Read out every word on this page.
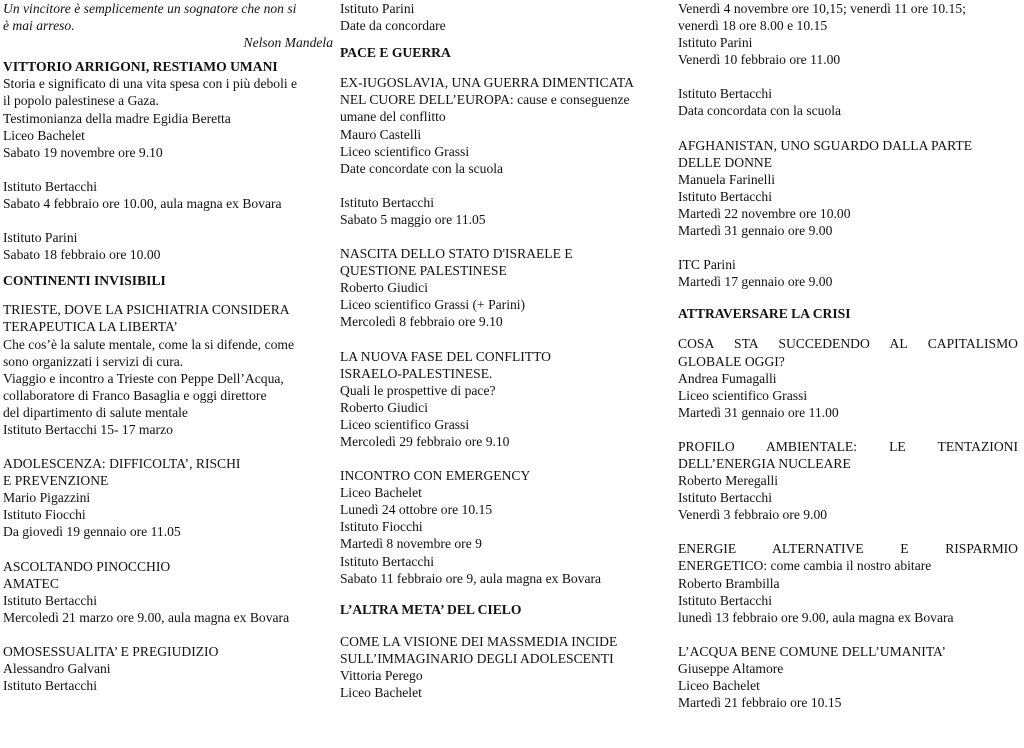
Un vincitore è semplicemente un sognatore che non si
è mai arreso.
Nelson Mandela
VITTORIO ARRIGONI, RESTIAMO UMANI
Storia e significato di una vita spesa con i più deboli e
il popolo palestinese a Gaza.
Testimonianza della madre Egidia Beretta
Liceo Bachelet
Sabato 19 novembre ore 9.10
Istituto Bertacchi
Sabato 4 febbraio ore 10.00, aula magna ex Bovara
Istituto Parini
Sabato 18 febbraio ore 10.00
CONTINENTI INVISIBILI
TRIESTE, DOVE LA PSICHIATRIA CONSIDERA
TERAPEUTICA LA LIBERTA’
Che cos’è la salute mentale, come la si difende, come
sono organizzati i servizi di cura.
Viaggio e incontro a Trieste con Peppe Dell’Acqua,
collaboratore di Franco Basaglia e oggi direttore
del dipartimento di salute mentale
Istituto Bertacchi 15- 17 marzo
ADOLESCENZA: DIFFICOLTA’, RISCHI
E PREVENZIONE
Mario Pigazzini
Istituto Fiocchi
Da giovedì 19 gennaio ore 11.05
ASCOLTANDO PINOCCHIO
AMATEC
Istituto Bertacchi
Mercoledì 21 marzo ore 9.00, aula magna ex Bovara
OMOSESSUALITA’ E PREGIUDIZIO
Alessandro Galvani
Istituto Bertacchi
Istituto Parini
Date da concordare
PACE E GUERRA
EX-IUGOSLAVIA, UNA GUERRA DIMENTICATA
NEL CUORE DELL’EUROPA: cause e conseguenze
umane del conflitto
Mauro Castelli
Liceo scientifico Grassi
Date concordate con la scuola
Istituto Bertacchi
Sabato 5 maggio ore 11.05
NASCITA DELLO STATO D'ISRAELE E
QUESTIONE PALESTINESE
Roberto Giudici
Liceo scientifico Grassi (+ Parini)
Mercoledì 8 febbraio ore 9.10
LA NUOVA FASE DEL CONFLITTO
ISRAELO-PALESTINESE.
Quali le prospettive di pace?
Roberto Giudici
Liceo scientifico Grassi
Mercoledì 29 febbraio ore 9.10
INCONTRO CON EMERGENCY
Liceo Bachelet
Lunedì 24 ottobre ore 10.15
Istituto Fiocchi
Martedì 8 novembre ore 9
Istituto Bertacchi
Sabato 11 febbraio ore 9, aula magna ex Bovara
L’ALTRA META’ DEL CIELO
COME LA VISIONE DEI MASSMEDIA INCIDE
SULL’IMMAGINARIO DEGLI ADOLESCENTI
Vittoria Perego
Liceo Bachelet
Venerdì 4 novembre ore 10,15; venerdì 11 ore 10.15;
venerdì 18 ore 8.00 e 10.15
Istituto Parini
Venerdì 10 febbraio ore 11.00
Istituto Bertacchi
Data concordata con la scuola
AFGHANISTAN, UNO SGUARDO DALLA PARTE
DELLE DONNE
Manuela Farinelli
Istituto Bertacchi
Martedì 22 novembre ore 10.00
Martedì 31 gennaio ore 9.00
ITC Parini
Martedì 17 gennaio ore 9.00
ATTRAVERSARE LA CRISI
COSA STA SUCCEDENDO AL CAPITALISMO
GLOBALE OGGI?
Andrea Fumagalli
Liceo scientifico Grassi
Martedì 31 gennaio ore 11.00
PROFILO AMBIENTALE: LE TENTAZIONI
DELL’ENERGIA NUCLEARE
Roberto Meregalli
Istituto Bertacchi
Venerdì 3 febbraio ore 9.00
ENERGIE ALTERNATIVE E RISPARMIO
ENERGETICO: come cambia il nostro abitare
Roberto Brambilla
Istituto Bertacchi
lunedì 13 febbraio ore 9.00, aula magna ex Bovara
L’ACQUA BENE COMUNE DELL’UMANITA’
Giuseppe Altamore
Liceo Bachelet
Martedì 21 febbraio ore 10.15
